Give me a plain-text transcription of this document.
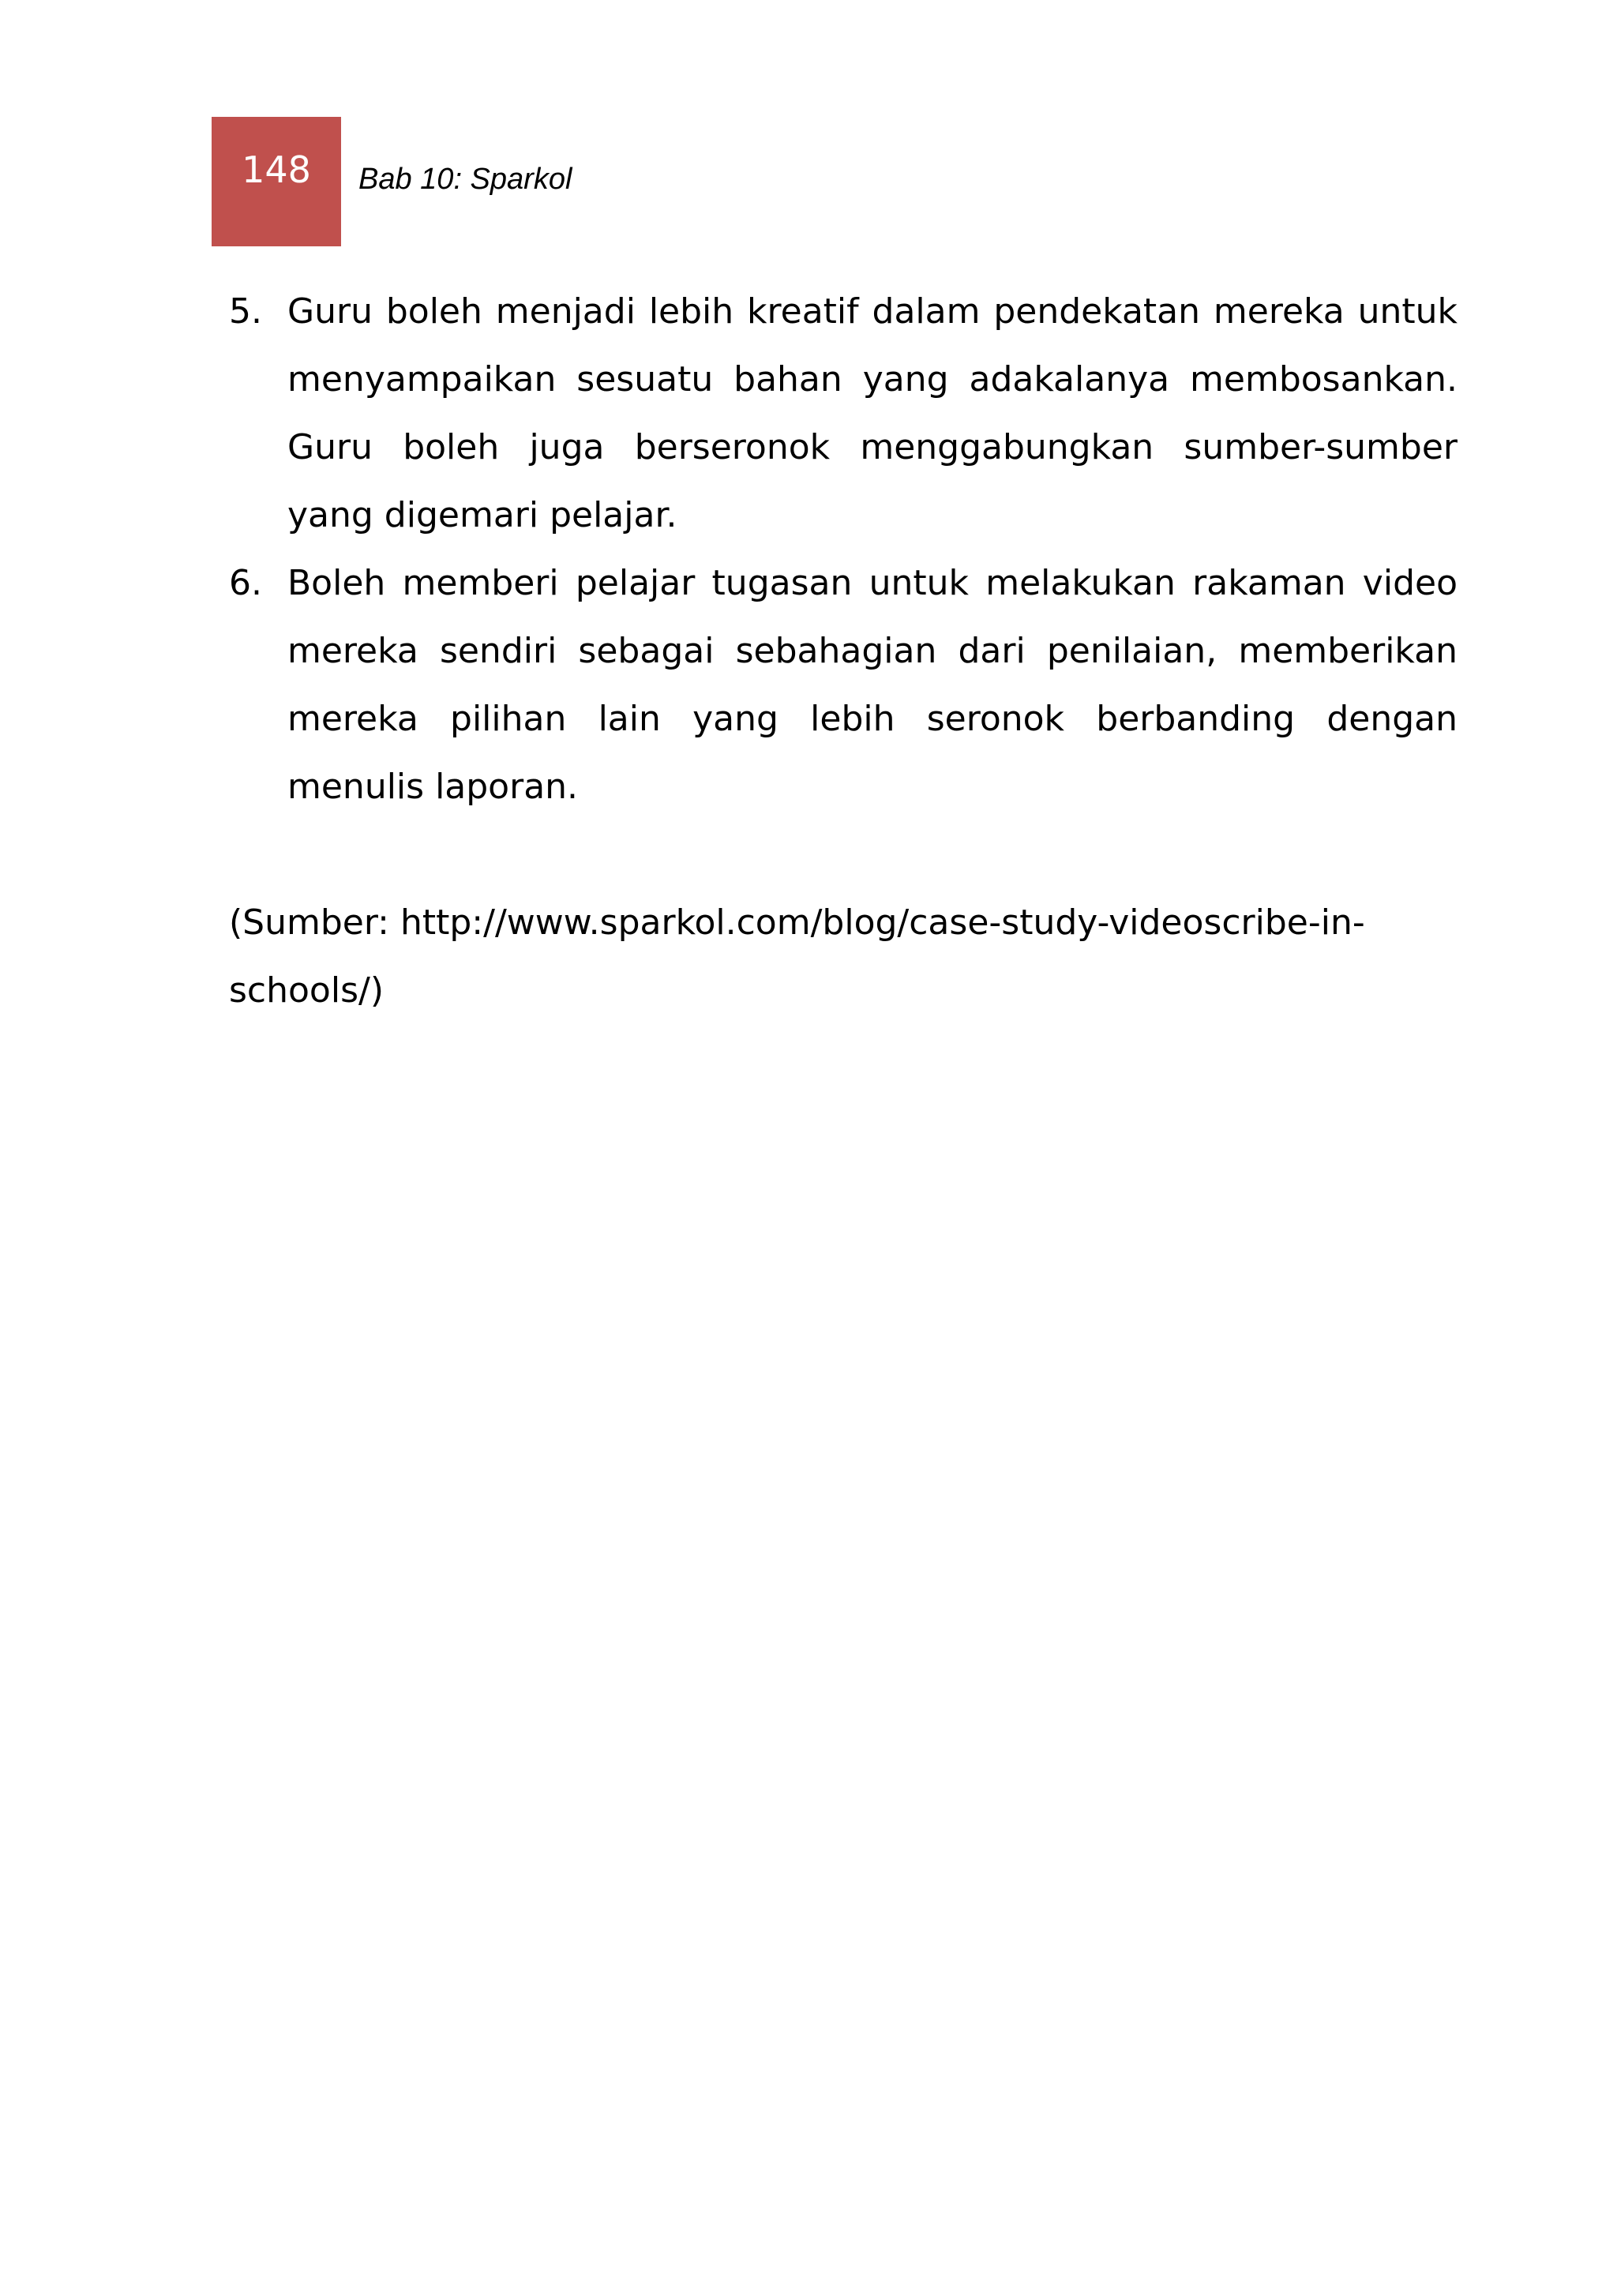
148 Bab 10: Sparkol
5. Guru boleh menjadi lebih kreatif dalam pendekatan mereka untuk menyampaikan sesuatu bahan yang adakalanya membosankan. Guru boleh juga berseronok menggabungkan sumber-sumber yang digemari pelajar.
6. Boleh memberi pelajar tugasan untuk melakukan rakaman video mereka sendiri sebagai sebahagian dari penilaian, memberikan mereka pilihan lain yang lebih seronok berbanding dengan menulis laporan.
(Sumber: http://www.sparkol.com/blog/case-study-videoscribe-in-schools/)
